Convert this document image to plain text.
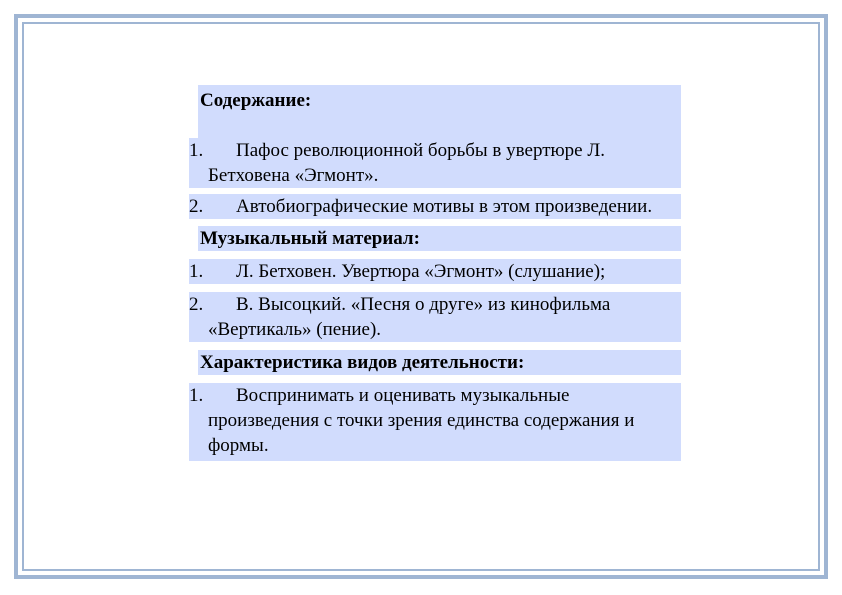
Содержание:
1.	Пафос революционной борьбы в увертюре Л. Бетховена «Эгмонт».
2.	Автобиографические мотивы в этом произведении.
Музыкальный материал:
1.	Л. Бетховен. Увертюра «Эгмонт» (слушание);
2.	В. Высоцкий. «Песня о друге» из кинофильма «Вертикаль» (пение).
Характеристика видов деятельности:
1.	Воспринимать и оценивать музыкальные произведения с точки зрения единства содержания и формы.
